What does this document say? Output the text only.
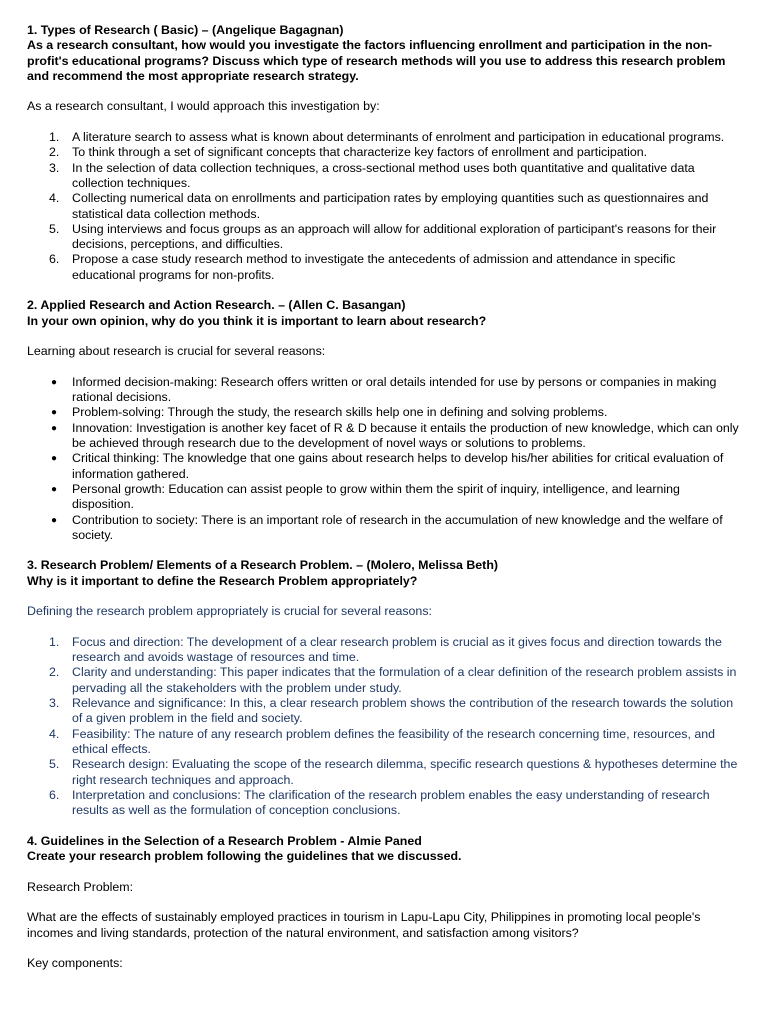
1. Types of Research ( Basic) – (Angelique Bagagnan)

As a research consultant, how would you investigate the factors influencing enrollment and participation in the non-profit's educational programs? Discuss which type of research methods will you use to address this research problem and recommend the most appropriate research strategy.

As a research consultant, I would approach this investigation by:

1.	A literature search to assess what is known about determinants of enrolment and participation in educational programs.
2.	To think through a set of significant concepts that characterize key factors of enrollment and participation.
3.	In the selection of data collection techniques, a cross-sectional method uses both quantitative and qualitative data collection techniques.
4.	Collecting numerical data on enrollments and participation rates by employing quantities such as questionnaires and statistical data collection methods.
5.	Using interviews and focus groups as an approach will allow for additional exploration of participant's reasons for their decisions, perceptions, and difficulties.
6.	Propose a case study research method to investigate the antecedents of admission and attendance in specific educational programs for non-profits.

2. Applied Research and Action Research. – (Allen C. Basangan)

In your own opinion, why do you think it is important to learn about research?

Learning about research is crucial for several reasons:

●	Informed decision-making: Research offers written or oral details intended for use by persons or companies in making rational decisions.
●	Problem-solving: Through the study, the research skills help one in defining and solving problems.
●	Innovation: Investigation is another key facet of R & D because it entails the production of new knowledge, which can only be achieved through research due to the development of novel ways or solutions to problems.
●	Critical thinking: The knowledge that one gains about research helps to develop his/her abilities for critical evaluation of information gathered.
●	Personal growth: Education can assist people to grow within them the spirit of inquiry, intelligence, and learning disposition.
●	Contribution to society: There is an important role of research in the accumulation of new knowledge and the welfare of society.

3. Research Problem/ Elements of a Research Problem. – (Molero, Melissa Beth)

Why is it important to define the Research Problem appropriately?

Defining the research problem appropriately is crucial for several reasons:

1.	Focus and direction: The development of a clear research problem is crucial as it gives focus and direction towards the research and avoids wastage of resources and time.
2.	Clarity and understanding: This paper indicates that the formulation of a clear definition of the research problem assists in pervading all the stakeholders with the problem under study.
3.	Relevance and significance: In this, a clear research problem shows the contribution of the research towards the solution of a given problem in the field and society.
4.	Feasibility: The nature of any research problem defines the feasibility of the research concerning time, resources, and ethical effects.
5.	Research design: Evaluating the scope of the research dilemma, specific research questions & hypotheses determine the right research techniques and approach.
6.	Interpretation and conclusions: The clarification of the research problem enables the easy understanding of research results as well as the formulation of conception conclusions.

4. Guidelines in the Selection of a Research Problem - Almie Paned

Create your research problem following the guidelines that we discussed.

Research Problem:

What are the effects of sustainably employed practices in tourism in Lapu-Lapu City, Philippines in promoting local people's incomes and living standards, protection of the natural environment, and satisfaction among visitors?

Key components:
